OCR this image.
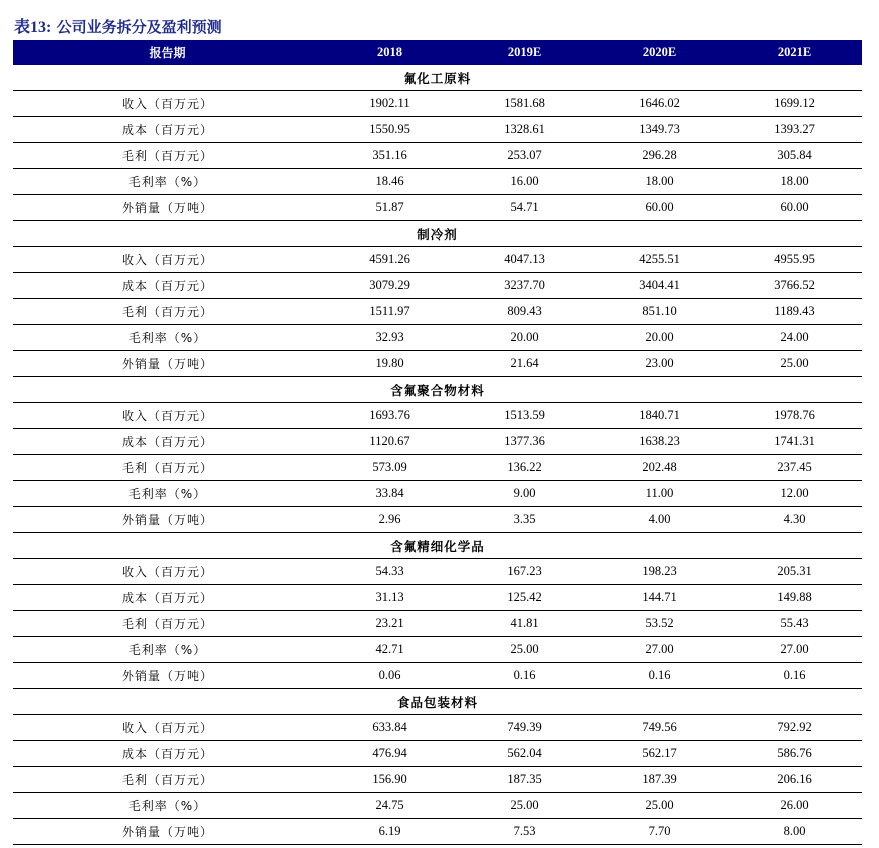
表13: 公司业务拆分及盈利预测
报告期	2018	2019E	2020E	2021E
氟化工原料				
收入（百万元）	1902.11	1581.68	1646.02	1699.12
成本（百万元）	1550.95	1328.61	1349.73	1393.27
毛利（百万元）	351.16	253.07	296.28	305.84
毛利率（%）	18.46	16.00	18.00	18.00
外销量（万吨）	51.87	54.71	60.00	60.00
制冷剂				
收入（百万元）	4591.26	4047.13	4255.51	4955.95
成本（百万元）	3079.29	3237.70	3404.41	3766.52
毛利（百万元）	1511.97	809.43	851.10	1189.43
毛利率（%）	32.93	20.00	20.00	24.00
外销量（万吨）	19.80	21.64	23.00	25.00
含氟聚合物材料				
收入（百万元）	1693.76	1513.59	1840.71	1978.76
成本（百万元）	1120.67	1377.36	1638.23	1741.31
毛利（百万元）	573.09	136.22	202.48	237.45
毛利率（%）	33.84	9.00	11.00	12.00
外销量（万吨）	2.96	3.35	4.00	4.30
含氟精细化学品				
收入（百万元）	54.33	167.23	198.23	205.31
成本（百万元）	31.13	125.42	144.71	149.88
毛利（百万元）	23.21	41.81	53.52	55.43
毛利率（%）	42.71	25.00	27.00	27.00
外销量（万吨）	0.06	0.16	0.16	0.16
食品包装材料				
收入（百万元）	633.84	749.39	749.56	792.92
成本（百万元）	476.94	562.04	562.17	586.76
毛利（百万元）	156.90	187.35	187.39	206.16
毛利率（%）	24.75	25.00	25.00	26.00
外销量（万吨）	6.19	7.53	7.70	8.00
